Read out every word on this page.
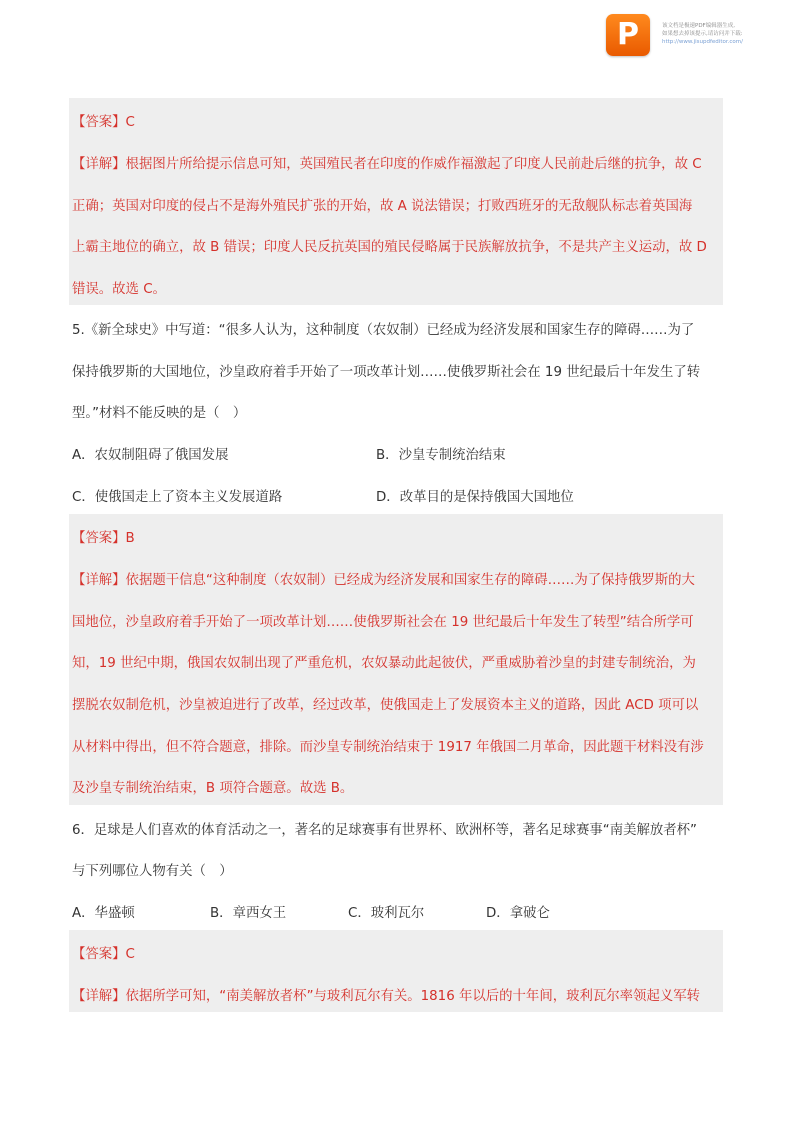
P	该文档是极速PDF编辑器生成,
如果想去掉该提示,请访问并下载:
http://www.jisupdfeditor.com/
【答案】C
【详解】根据图片所给提示信息可知，英国殖民者在印度的作威作福激起了印度人民前赴后继的抗争，故 C
正确；英国对印度的侵占不是海外殖民扩张的开始，故 A 说法错误；打败西班牙的无敌舰队标志着英国海
上霸主地位的确立，故 B 错误；印度人民反抗英国的殖民侵略属于民族解放抗争，不是共产主义运动，故 D
错误。故选 C。
5.《新全球史》中写道：“很多人认为，这种制度（农奴制）已经成为经济发展和国家生存的障碍……为了
保持俄罗斯的大国地位，沙皇政府着手开始了一项改革计划……使俄罗斯社会在 19 世纪最后十年发生了转
型。”材料不能反映的是（　）
A．农奴制阻碍了俄国发展	B．沙皇专制统治结束
C．使俄国走上了资本主义发展道路	D．改革目的是保持俄国大国地位
【答案】B
【详解】依据题干信息“这种制度（农奴制）已经成为经济发展和国家生存的障碍……为了保持俄罗斯的大
国地位，沙皇政府着手开始了一项改革计划……使俄罗斯社会在 19 世纪最后十年发生了转型”结合所学可
知，19 世纪中期，俄国农奴制出现了严重危机，农奴暴动此起彼伏，严重威胁着沙皇的封建专制统治，为
摆脱农奴制危机，沙皇被迫进行了改革，经过改革，使俄国走上了发展资本主义的道路，因此 ACD 项可以
从材料中得出，但不符合题意，排除。而沙皇专制统治结束于 1917 年俄国二月革命，因此题干材料没有涉
及沙皇专制统治结束，B 项符合题意。故选 B。
6．足球是人们喜欢的体育活动之一，著名的足球赛事有世界杯、欧洲杯等，著名足球赛事“南美解放者杯”
与下列哪位人物有关（　）
A．华盛顿	B．章西女王	C．玻利瓦尔	D．拿破仑
【答案】C
【详解】依据所学可知，“南美解放者杯”与玻利瓦尔有关。1816 年以后的十年间，玻利瓦尔率领起义军转
